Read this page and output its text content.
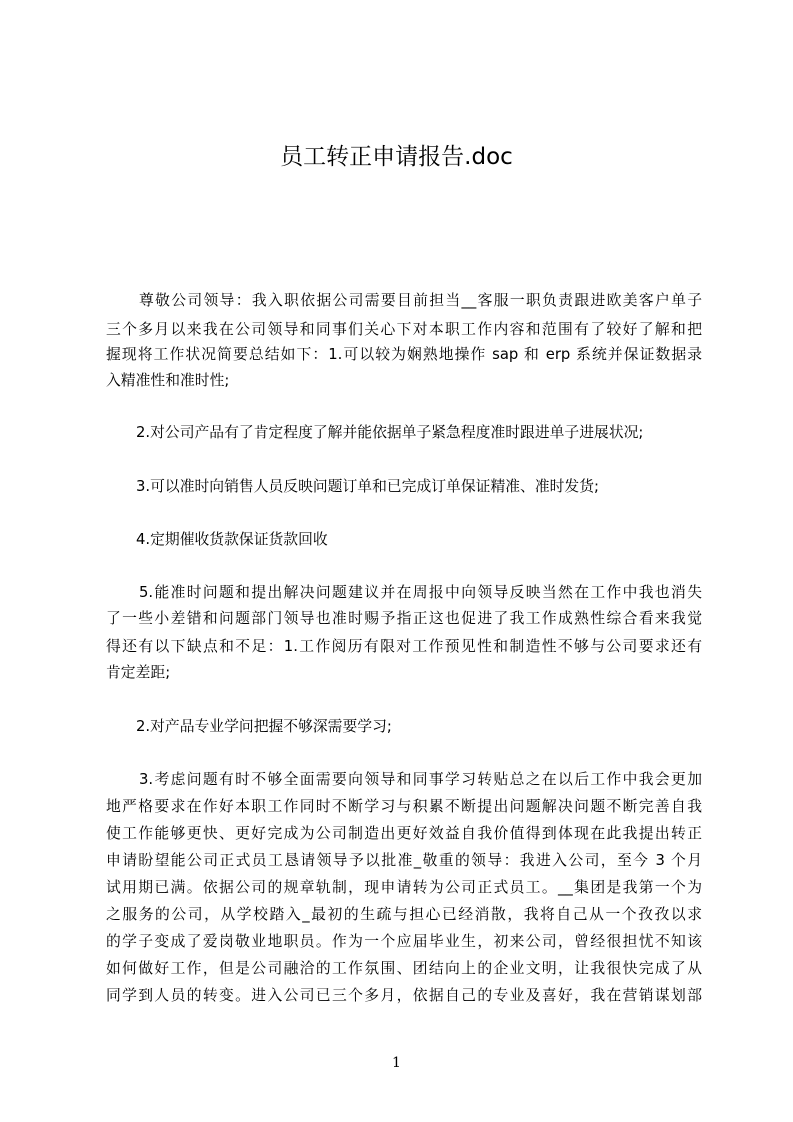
员工转正申请报告.doc
尊敬公司领导：我入职依据公司需要目前担当__客服一职负责跟进欧美客户单子
三个多月以来我在公司领导和同事们关心下对本职工作内容和范围有了较好了解和把
握现将工作状况简要总结如下：1.可以较为娴熟地操作 sap 和 erp 系统并保证数据录
入精准性和准时性;
2.对公司产品有了肯定程度了解并能依据单子紧急程度准时跟进单子进展状况;
3.可以准时向销售人员反映问题订单和已完成订单保证精准、准时发货;
4.定期催收货款保证货款回收
5.能准时问题和提出解决问题建议并在周报中向领导反映当然在工作中我也消失
了一些小差错和问题部门领导也准时赐予指正这也促进了我工作成熟性综合看来我觉
得还有以下缺点和不足：1.工作阅历有限对工作预见性和制造性不够与公司要求还有
肯定差距;
2.对产品专业学问把握不够深需要学习;
3.考虑问题有时不够全面需要向领导和同事学习转贴总之在以后工作中我会更加
地严格要求在作好本职工作同时不断学习与积累不断提出问题解决问题不断完善自我
使工作能够更快、更好完成为公司制造出更好效益自我价值得到体现在此我提出转正
申请盼望能公司正式员工恳请领导予以批准_敬重的领导：我进入公司，至今 3 个月
试用期已满。依据公司的规章轨制，现申请转为公司正式员工。__集团是我第一个为
之服务的公司，从学校踏入_最初的生疏与担心已经消散，我将自己从一个孜孜以求
的学子变成了爱岗敬业地职员。作为一个应届毕业生，初来公司，曾经很担忧不知该
如何做好工作，但是公司融洽的工作氛围、团结向上的企业文明，让我很快完成了从
同学到人员的转变。进入公司已三个多月，依据自己的专业及喜好，我在营销谋划部
1
